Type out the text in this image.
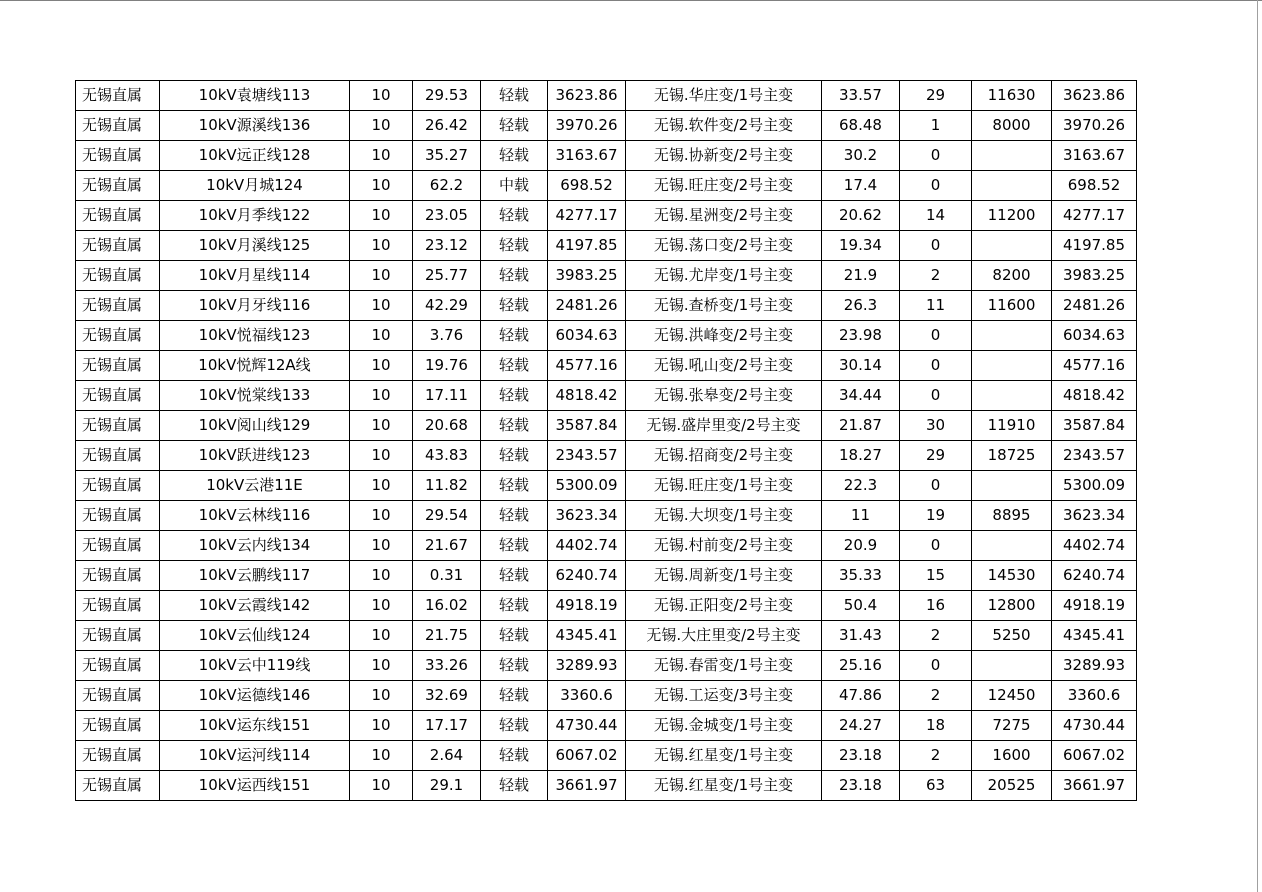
无锡直属	10kV袁塘线113	10	29.53	轻载	3623.86	无锡.华庄变/1号主变	33.57	29	11630	3623.86
无锡直属	10kV源溪线136	10	26.42	轻载	3970.26	无锡.软件变/2号主变	68.48	1	8000	3970.26
无锡直属	10kV远正线128	10	35.27	轻载	3163.67	无锡.协新变/2号主变	30.2	0		3163.67
无锡直属	10kV月城124	10	62.2	中载	698.52	无锡.旺庄变/2号主变	17.4	0		698.52
无锡直属	10kV月季线122	10	23.05	轻载	4277.17	无锡.星洲变/2号主变	20.62	14	11200	4277.17
无锡直属	10kV月溪线125	10	23.12	轻载	4197.85	无锡.荡口变/2号主变	19.34	0		4197.85
无锡直属	10kV月星线114	10	25.77	轻载	3983.25	无锡.尤岸变/1号主变	21.9	2	8200	3983.25
无锡直属	10kV月牙线116	10	42.29	轻载	2481.26	无锡.查桥变/1号主变	26.3	11	11600	2481.26
无锡直属	10kV悦福线123	10	3.76	轻载	6034.63	无锡.洪峰变/2号主变	23.98	0		6034.63
无锡直属	10kV悦辉12A线	10	19.76	轻载	4577.16	无锡.吼山变/2号主变	30.14	0		4577.16
无锡直属	10kV悦棠线133	10	17.11	轻载	4818.42	无锡.张皋变/2号主变	34.44	0		4818.42
无锡直属	10kV阅山线129	10	20.68	轻载	3587.84	无锡.盛岸里变/2号主变	21.87	30	11910	3587.84
无锡直属	10kV跃进线123	10	43.83	轻载	2343.57	无锡.招商变/2号主变	18.27	29	18725	2343.57
无锡直属	10kV云港11E	10	11.82	轻载	5300.09	无锡.旺庄变/1号主变	22.3	0		5300.09
无锡直属	10kV云林线116	10	29.54	轻载	3623.34	无锡.大坝变/1号主变	11	19	8895	3623.34
无锡直属	10kV云内线134	10	21.67	轻载	4402.74	无锡.村前变/2号主变	20.9	0		4402.74
无锡直属	10kV云鹏线117	10	0.31	轻载	6240.74	无锡.周新变/1号主变	35.33	15	14530	6240.74
无锡直属	10kV云霞线142	10	16.02	轻载	4918.19	无锡.正阳变/2号主变	50.4	16	12800	4918.19
无锡直属	10kV云仙线124	10	21.75	轻载	4345.41	无锡.大庄里变/2号主变	31.43	2	5250	4345.41
无锡直属	10kV云中119线	10	33.26	轻载	3289.93	无锡.春雷变/1号主变	25.16	0		3289.93
无锡直属	10kV运德线146	10	32.69	轻载	3360.6	无锡.工运变/3号主变	47.86	2	12450	3360.6
无锡直属	10kV运东线151	10	17.17	轻载	4730.44	无锡.金城变/1号主变	24.27	18	7275	4730.44
无锡直属	10kV运河线114	10	2.64	轻载	6067.02	无锡.红星变/1号主变	23.18	2	1600	6067.02
无锡直属	10kV运西线151	10	29.1	轻载	3661.97	无锡.红星变/1号主变	23.18	63	20525	3661.97
